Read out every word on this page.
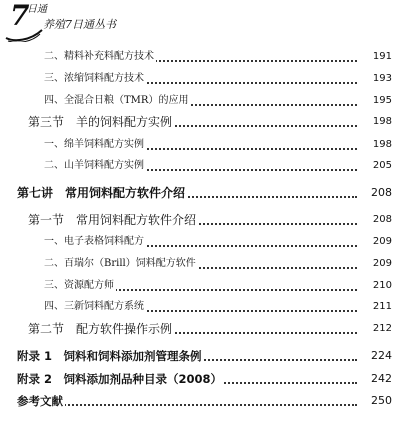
7
日通
养殖7日通丛书
二、精料补充料配方技术	191
三、浓缩饲料配方技术	193
四、全混合日粮（TMR）的应用	195
第三节　羊的饲料配方实例	198
一、绵羊饲料配方实例	198
二、山羊饲料配方实例	205
第七讲　常用饲料配方软件介绍	208
第一节　常用饲料配方软件介绍	208
一、电子表格饲料配方	209
二、百瑞尔（Brill）饲料配方软件	209
三、资源配方师	210
四、三新饲料配方系统	211
第二节　配方软件操作示例	212
附录 1　饲料和饲料添加剂管理条例	224
附录 2　饲料添加剂品种目录（2008）	242
参考文献	250
